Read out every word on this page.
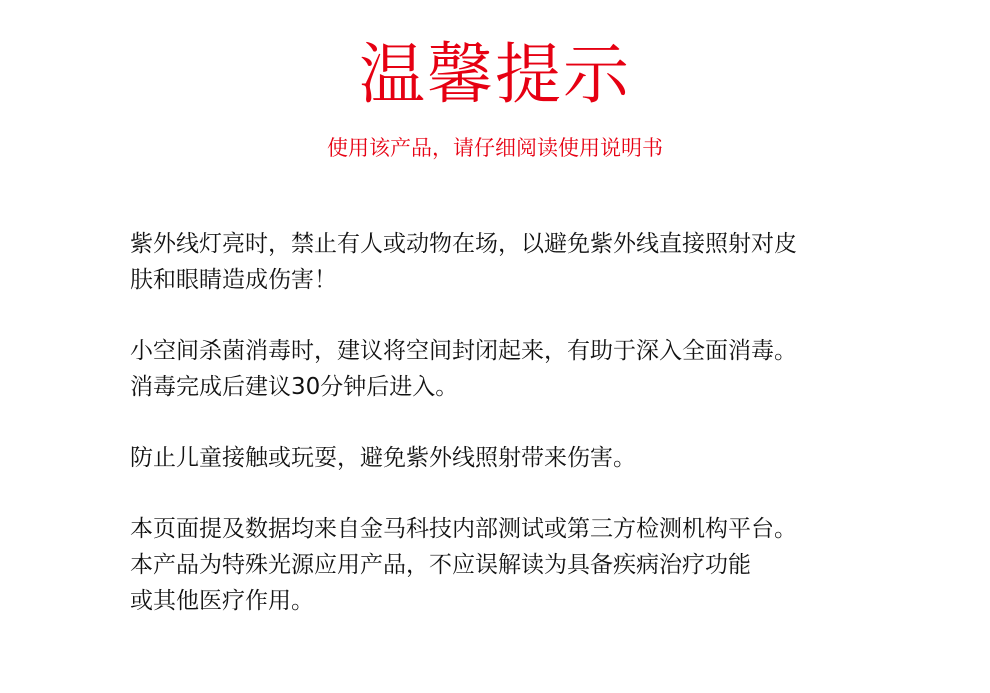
温馨提示
使用该产品，请仔细阅读使用说明书
紫外线灯亮时，禁止有人或动物在场，以避免紫外线直接照射对皮
肤和眼睛造成伤害！
小空间杀菌消毒时，建议将空间封闭起来，有助于深入全面消毒。
消毒完成后建议30分钟后进入。
防止儿童接触或玩耍，避免紫外线照射带来伤害。
本页面提及数据均来自金马科技内部测试或第三方检测机构平台。
本产品为特殊光源应用产品，不应误解读为具备疾病治疗功能
或其他医疗作用。
